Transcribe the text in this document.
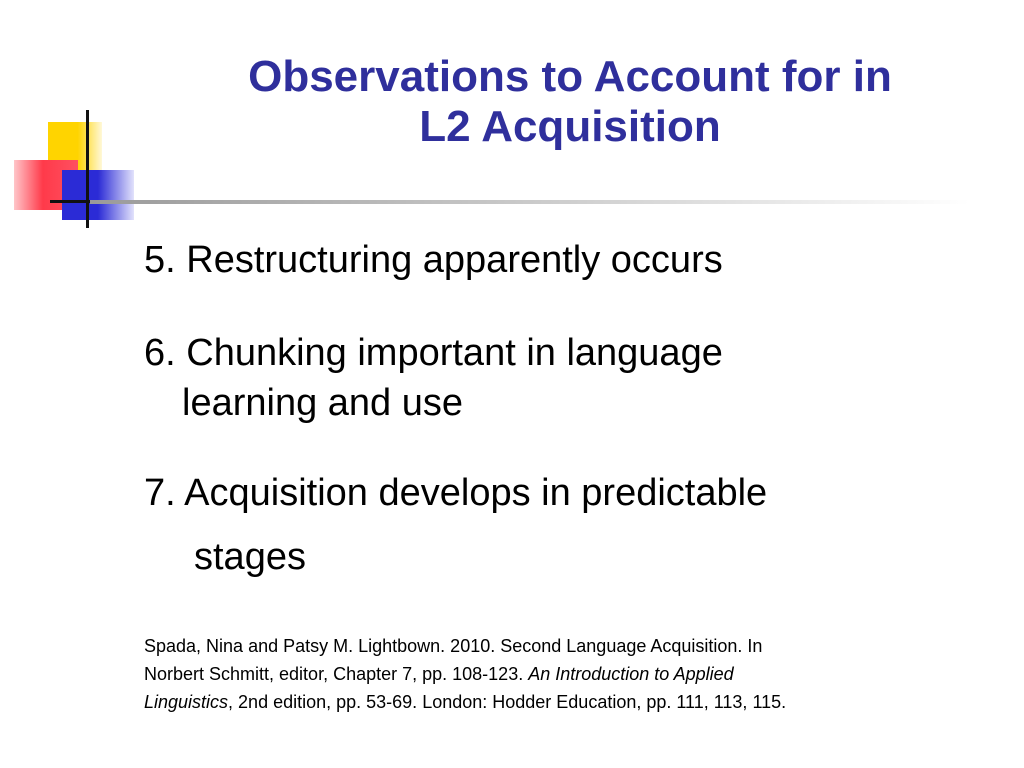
Observations to Account for in
L2 Acquisition
5. Restructuring apparently occurs
6. Chunking important in language
learning and use
7. Acquisition develops in predictable
stages
Spada, Nina and Patsy M. Lightbown. 2010. Second Language Acquisition. In
Norbert Schmitt, editor, Chapter 7, pp. 108-123. An Introduction to Applied
Linguistics, 2nd edition, pp. 53-69. London: Hodder Education, pp. 111, 113, 115.
